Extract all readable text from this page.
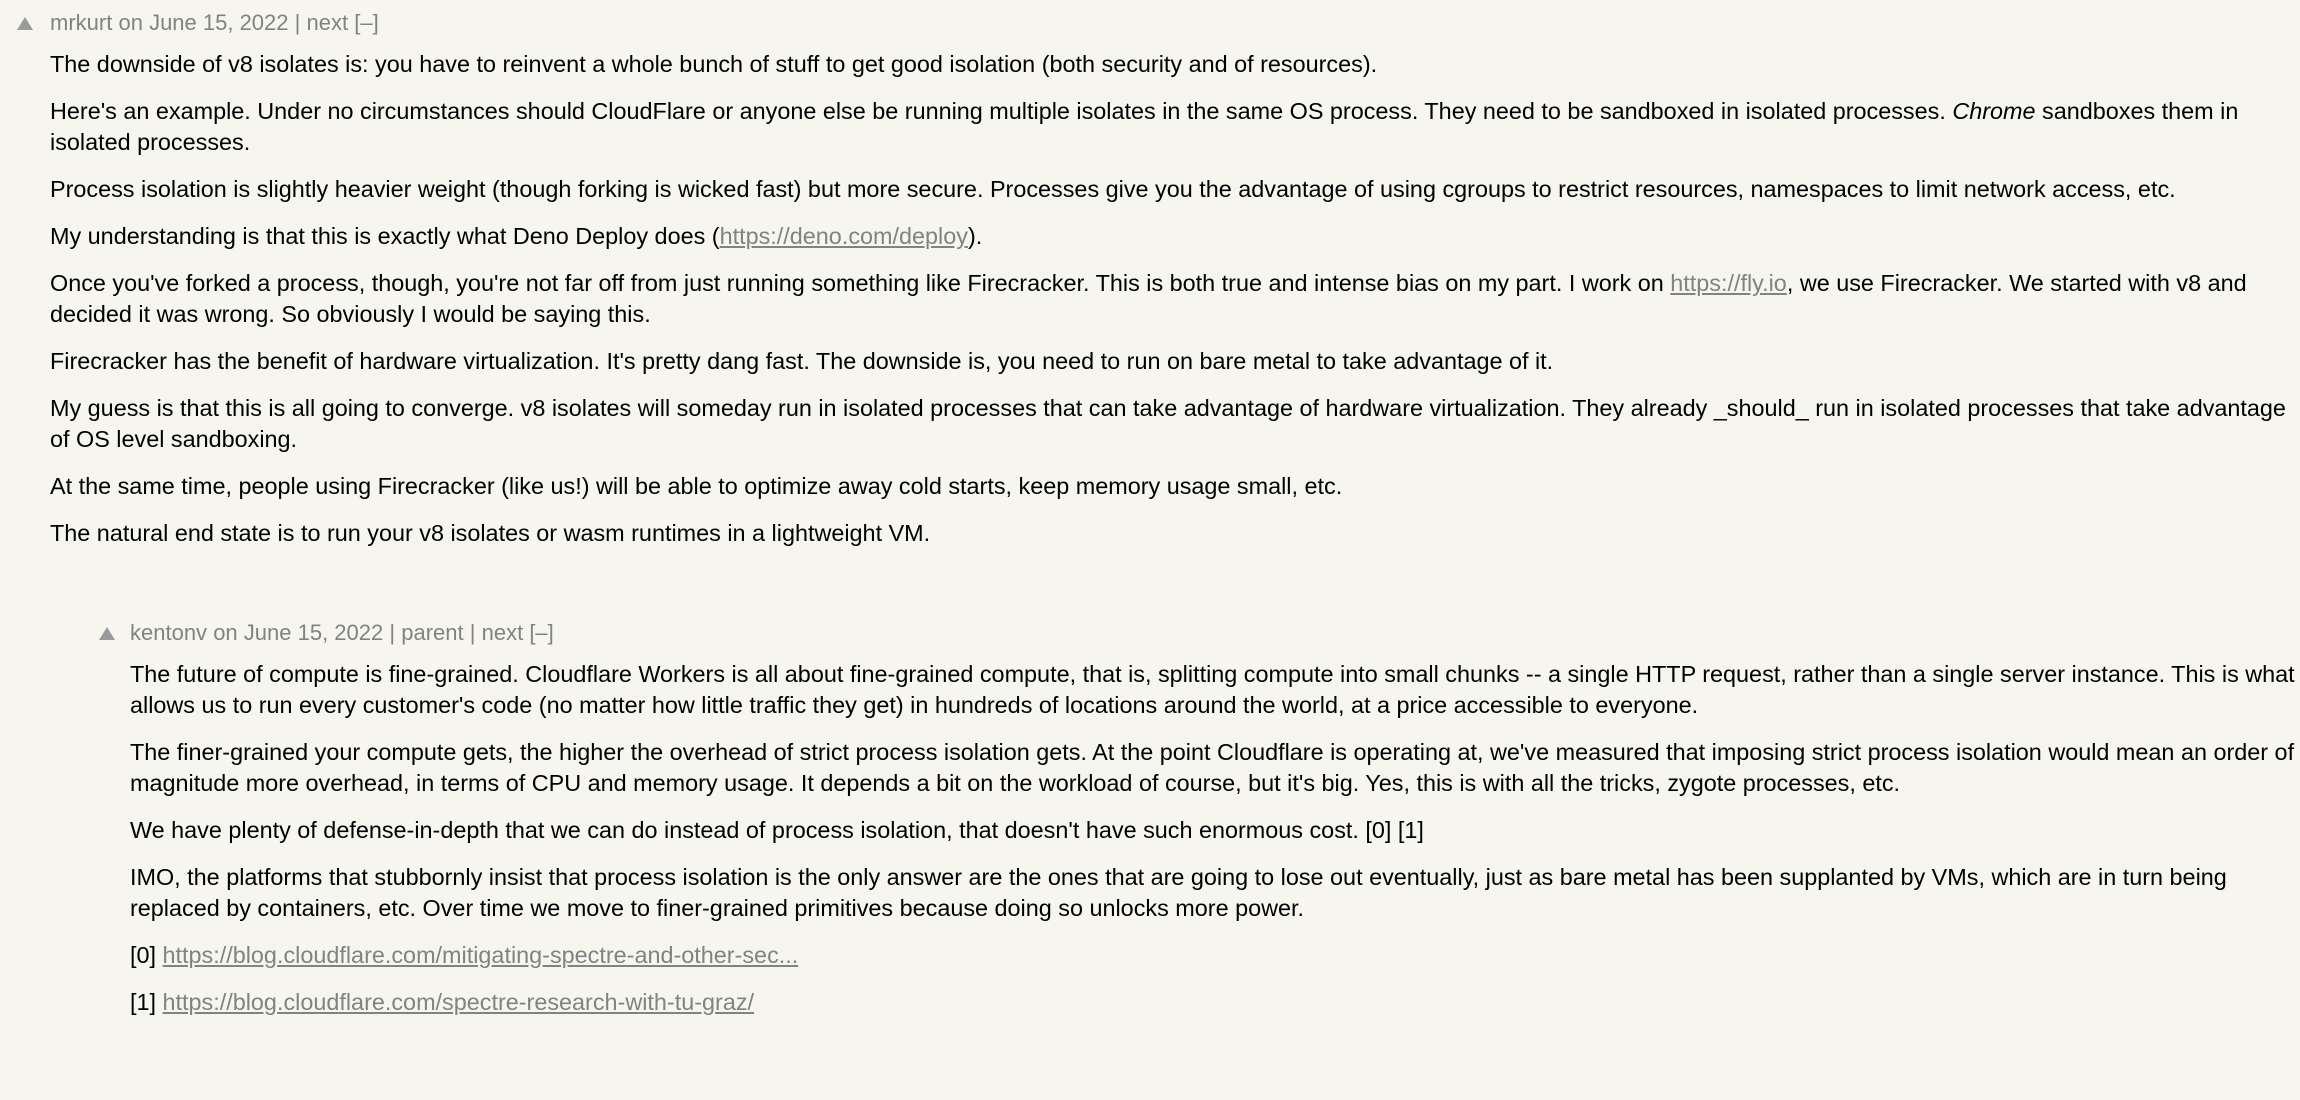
mrkurt on June 15, 2022 | next [–]

The downside of v8 isolates is: you have to reinvent a whole bunch of stuff to get good isolation (both security and of resources).

Here's an example. Under no circumstances should CloudFlare or anyone else be running multiple isolates in the same OS process. They need to be sandboxed in isolated processes. Chrome sandboxes them in isolated processes.

Process isolation is slightly heavier weight (though forking is wicked fast) but more secure. Processes give you the advantage of using cgroups to restrict resources, namespaces to limit network access, etc.

My understanding is that this is exactly what Deno Deploy does (https://deno.com/deploy).

Once you've forked a process, though, you're not far off from just running something like Firecracker. This is both true and intense bias on my part. I work on https://fly.io, we use Firecracker. We started with v8 and decided it was wrong. So obviously I would be saying this.

Firecracker has the benefit of hardware virtualization. It's pretty dang fast. The downside is, you need to run on bare metal to take advantage of it.

My guess is that this is all going to converge. v8 isolates will someday run in isolated processes that can take advantage of hardware virtualization. They already _should_ run in isolated processes that take advantage of OS level sandboxing.

At the same time, people using Firecracker (like us!) will be able to optimize away cold starts, keep memory usage small, etc.

The natural end state is to run your v8 isolates or wasm runtimes in a lightweight VM.

kentonv on June 15, 2022 | parent | next [–]

The future of compute is fine-grained. Cloudflare Workers is all about fine-grained compute, that is, splitting compute into small chunks -- a single HTTP request, rather than a single server instance. This is what allows us to run every customer's code (no matter how little traffic they get) in hundreds of locations around the world, at a price accessible to everyone.

The finer-grained your compute gets, the higher the overhead of strict process isolation gets. At the point Cloudflare is operating at, we've measured that imposing strict process isolation would mean an order of magnitude more overhead, in terms of CPU and memory usage. It depends a bit on the workload of course, but it's big. Yes, this is with all the tricks, zygote processes, etc.

We have plenty of defense-in-depth that we can do instead of process isolation, that doesn't have such enormous cost. [0] [1]

IMO, the platforms that stubbornly insist that process isolation is the only answer are the ones that are going to lose out eventually, just as bare metal has been supplanted by VMs, which are in turn being replaced by containers, etc. Over time we move to finer-grained primitives because doing so unlocks more power.

[0] https://blog.cloudflare.com/mitigating-spectre-and-other-sec...

[1] https://blog.cloudflare.com/spectre-research-with-tu-graz/
